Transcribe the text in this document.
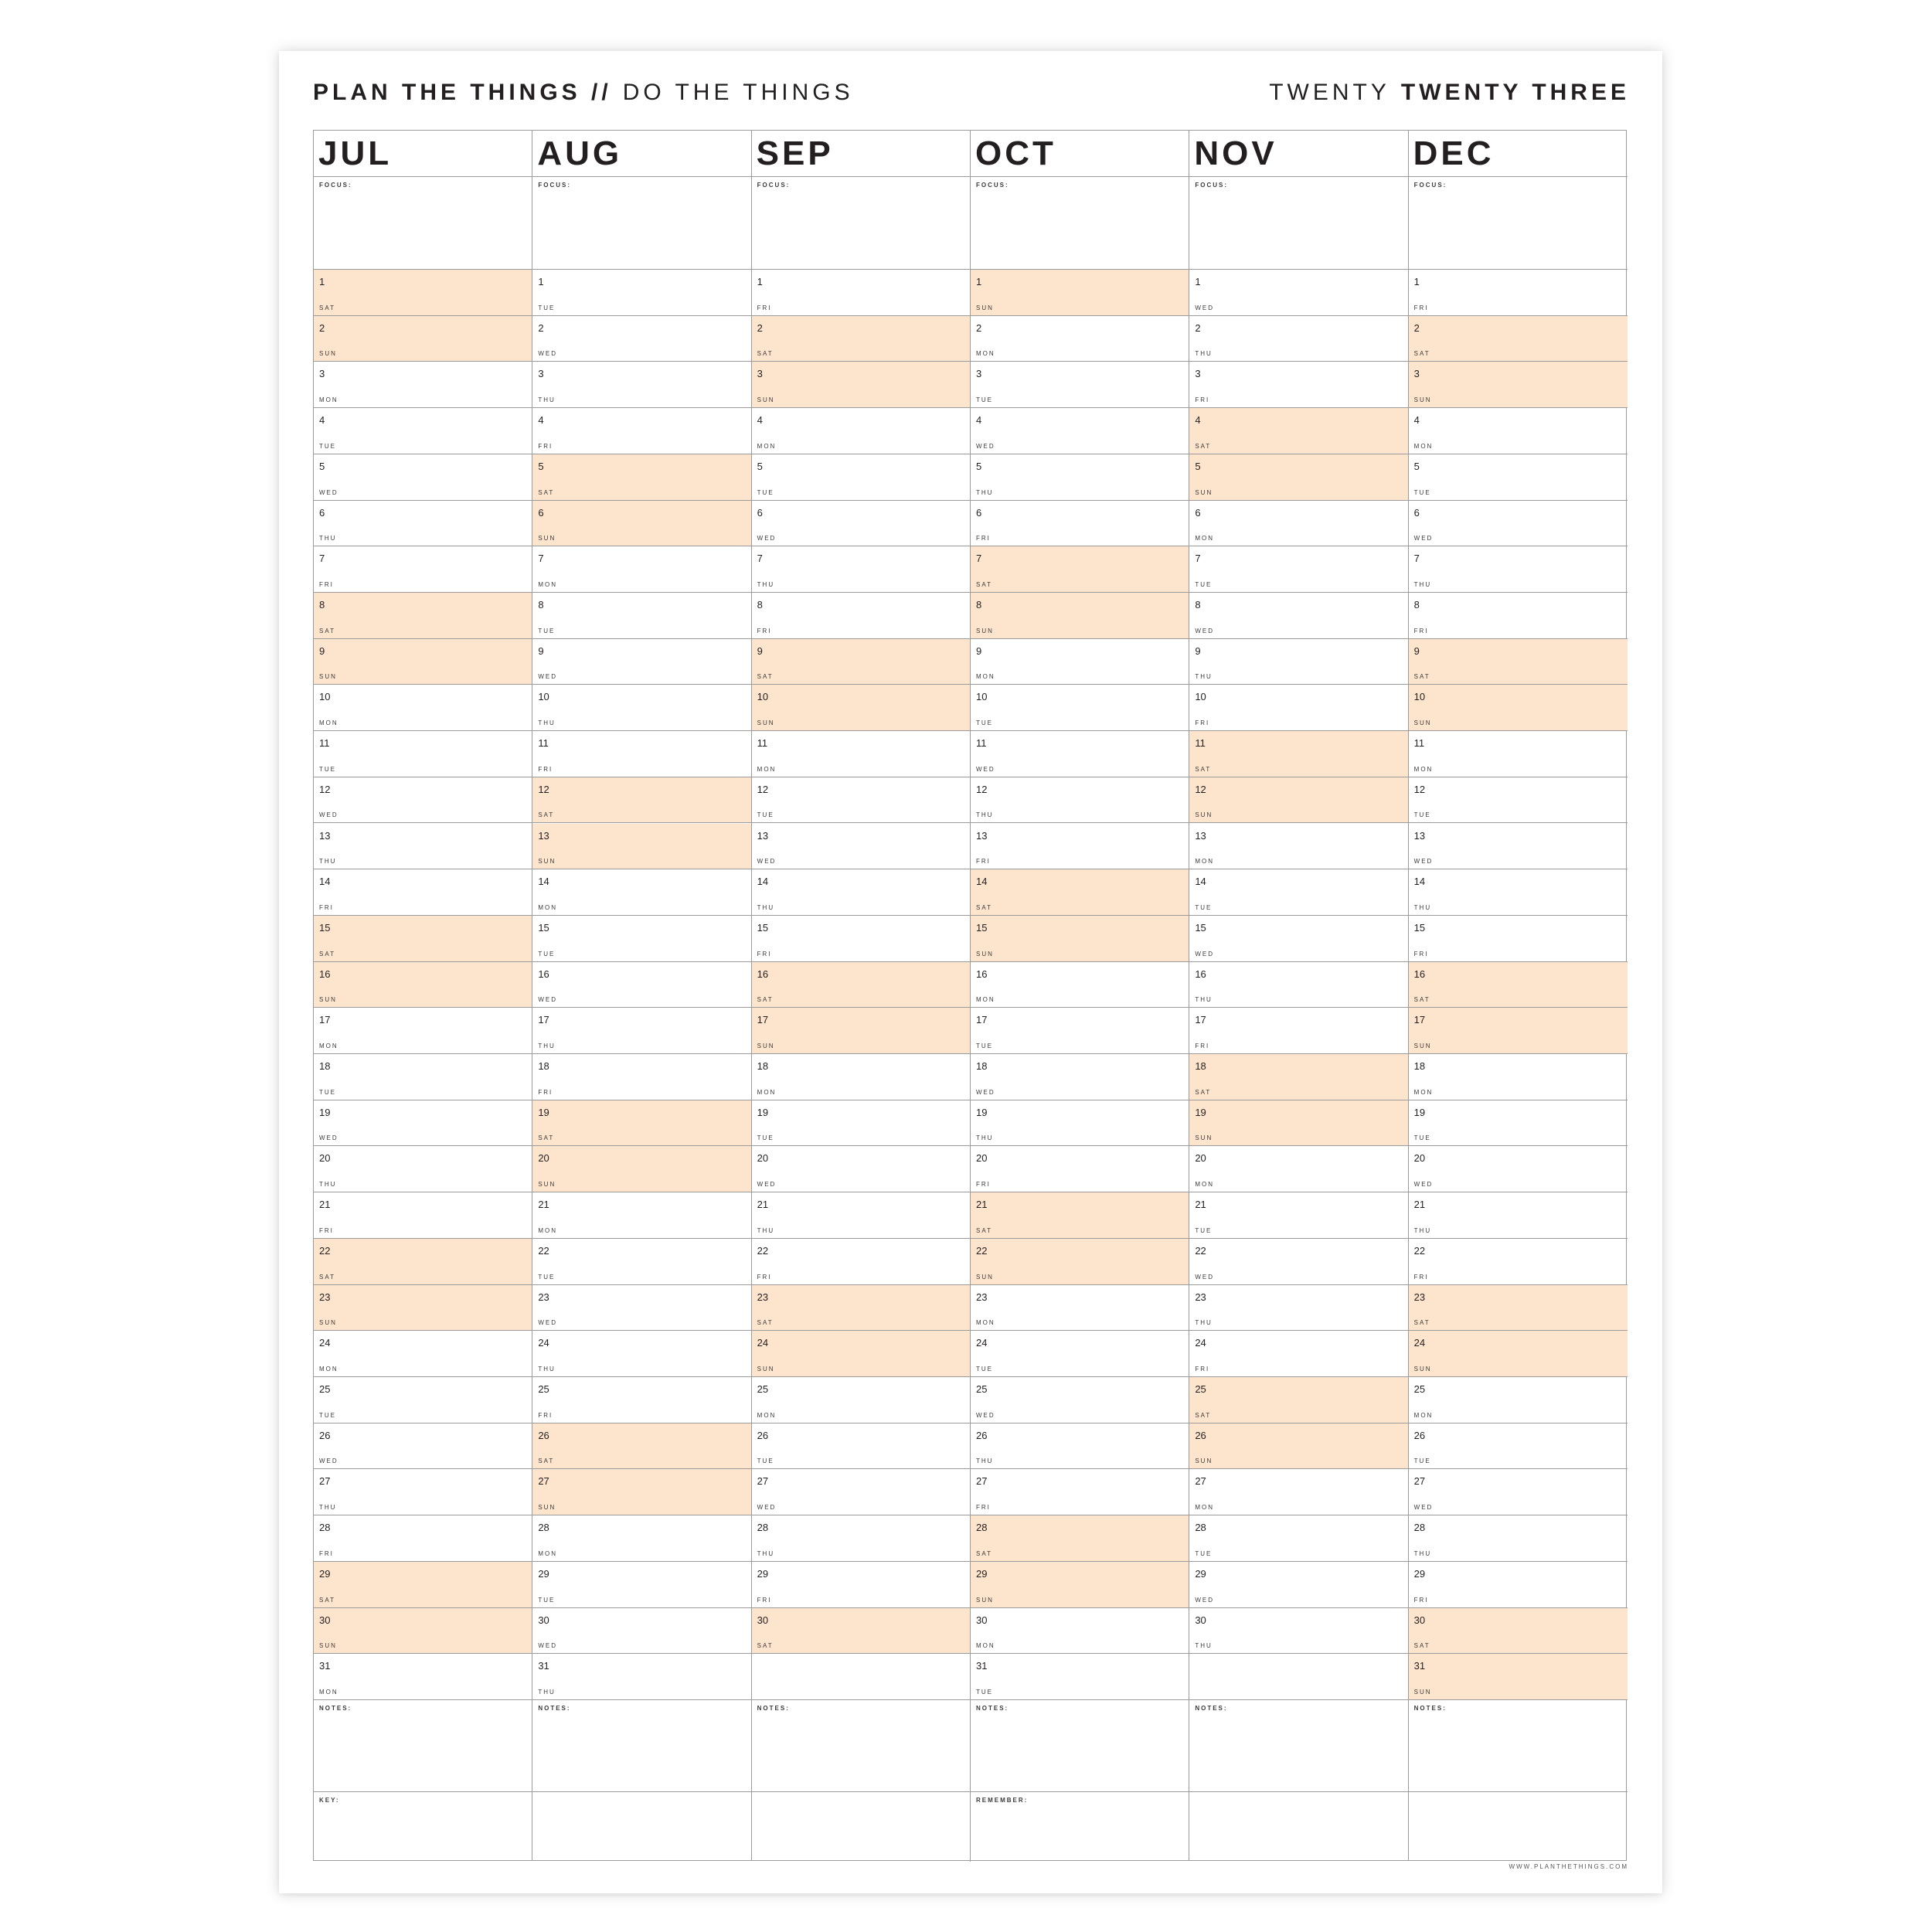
PLAN THE THINGS // DO THE THINGS	TWENTY TWENTY THREE
JUL
FOCUS:
1
SAT
2
SUN
3
MON
4
TUE
5
WED
6
THU
7
FRI
8
SAT
9
SUN
10
MON
11
TUE
12
WED
13
THU
14
FRI
15
SAT
16
SUN
17
MON
18
TUE
19
WED
20
THU
21
FRI
22
SAT
23
SUN
24
MON
25
TUE
26
WED
27
THU
28
FRI
29
SAT
30
SUN
31
MON
NOTES:
AUG
FOCUS:
1
TUE
2
WED
3
THU
4
FRI
5
SAT
6
SUN
7
MON
8
TUE
9
WED
10
THU
11
FRI
12
SAT
13
SUN
14
MON
15
TUE
16
WED
17
THU
18
FRI
19
SAT
20
SUN
21
MON
22
TUE
23
WED
24
THU
25
FRI
26
SAT
27
SUN
28
MON
29
TUE
30
WED
31
THU
NOTES:
SEP
FOCUS:
1
FRI
2
SAT
3
SUN
4
MON
5
TUE
6
WED
7
THU
8
FRI
9
SAT
10
SUN
11
MON
12
TUE
13
WED
14
THU
15
FRI
16
SAT
17
SUN
18
MON
19
TUE
20
WED
21
THU
22
FRI
23
SAT
24
SUN
25
MON
26
TUE
27
WED
28
THU
29
FRI
30
SAT
NOTES:
OCT
FOCUS:
1
SUN
2
MON
3
TUE
4
WED
5
THU
6
FRI
7
SAT
8
SUN
9
MON
10
TUE
11
WED
12
THU
13
FRI
14
SAT
15
SUN
16
MON
17
TUE
18
WED
19
THU
20
FRI
21
SAT
22
SUN
23
MON
24
TUE
25
WED
26
THU
27
FRI
28
SAT
29
SUN
30
MON
31
TUE
NOTES:
NOV
FOCUS:
1
WED
2
THU
3
FRI
4
SAT
5
SUN
6
MON
7
TUE
8
WED
9
THU
10
FRI
11
SAT
12
SUN
13
MON
14
TUE
15
WED
16
THU
17
FRI
18
SAT
19
SUN
20
MON
21
TUE
22
WED
23
THU
24
FRI
25
SAT
26
SUN
27
MON
28
TUE
29
WED
30
THU
NOTES:
DEC
FOCUS:
1
FRI
2
SAT
3
SUN
4
MON
5
TUE
6
WED
7
THU
8
FRI
9
SAT
10
SUN
11
MON
12
TUE
13
WED
14
THU
15
FRI
16
SAT
17
SUN
18
MON
19
TUE
20
WED
21
THU
22
FRI
23
SAT
24
SUN
25
MON
26
TUE
27
WED
28
THU
29
FRI
30
SAT
31
SUN
NOTES:
KEY:	REMEMBER:
WWW.PLANTHETHINGS.COM
